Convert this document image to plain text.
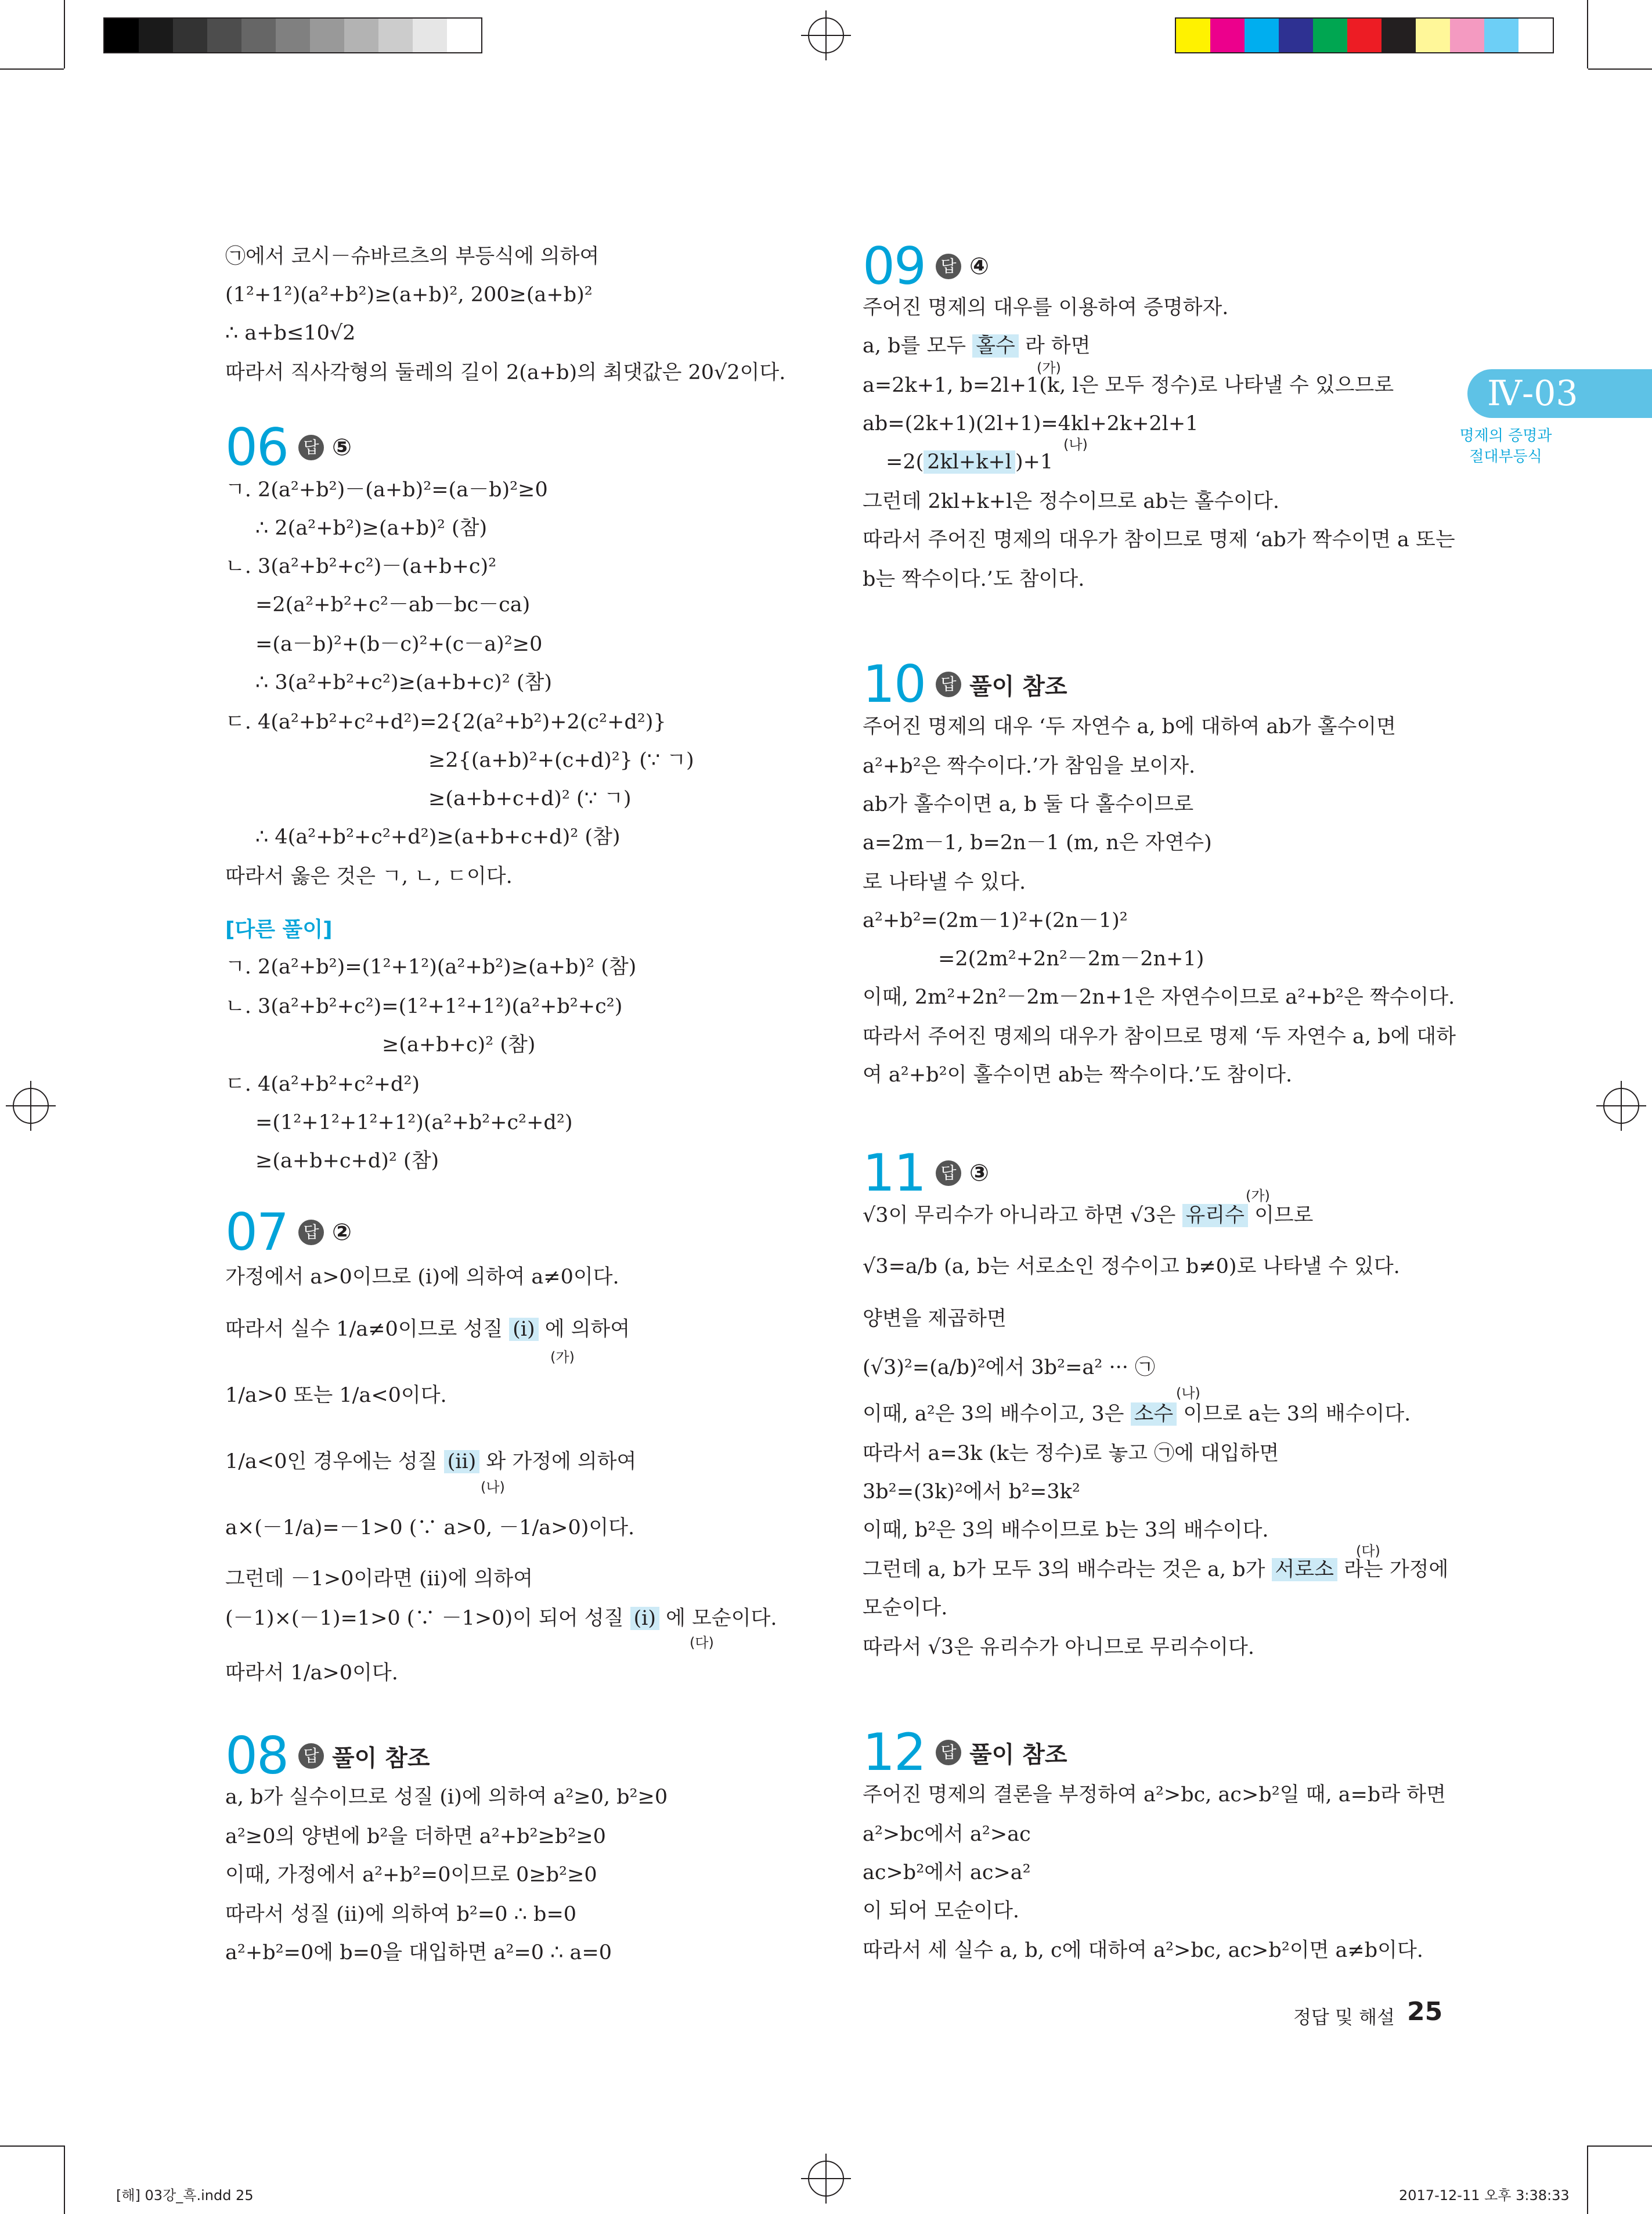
Ⅳ-03
명제의 증명과
절대부등식
㉠에서 코시－슈바르츠의 부등식에 의하여
(1²+1²)(a²+b²)≥(a+b)², 200≥(a+b)²
∴ a+b≤10√2
따라서 직사각형의 둘레의 길이 2(a+b)의 최댓값은 20√2이다.
06 답 ⑤
ㄱ. 2(a²+b²)－(a+b)²=(a－b)²≥0
∴ 2(a²+b²)≥(a+b)² (참)
ㄴ. 3(a²+b²+c²)－(a+b+c)²
=2(a²+b²+c²－ab－bc－ca)
=(a－b)²+(b－c)²+(c－a)²≥0
∴ 3(a²+b²+c²)≥(a+b+c)² (참)
ㄷ. 4(a²+b²+c²+d²)=2{2(a²+b²)+2(c²+d²)}
≥2{(a+b)²+(c+d)²} (∵ ㄱ)
≥(a+b+c+d)² (∵ ㄱ)
∴ 4(a²+b²+c²+d²)≥(a+b+c+d)² (참)
따라서 옳은 것은 ㄱ, ㄴ, ㄷ이다.
[다른 풀이]
ㄱ. 2(a²+b²)=(1²+1²)(a²+b²)≥(a+b)² (참)
ㄴ. 3(a²+b²+c²)=(1²+1²+1²)(a²+b²+c²)
≥(a+b+c)² (참)
ㄷ. 4(a²+b²+c²+d²)
=(1²+1²+1²+1²)(a²+b²+c²+d²)
≥(a+b+c+d)² (참)
07 답 ②
가정에서 a>0이므로 (i)에 의하여 a≠0이다.
따라서 실수 1/a≠0이므로 성질 (i) 에 의하여
(가)
1/a>0 또는 1/a<0이다.
1/a<0인 경우에는 성질 (ii) 와 가정에 의하여
(나)
a×(－1/a)=－1>0 (∵ a>0, －1/a>0)이다.
그런데 －1>0이라면 (ii)에 의하여
(－1)×(－1)=1>0 (∵ －1>0)이 되어 성질 (i) 에 모순이다.
(다)
따라서 1/a>0이다.
08 답 풀이 참조
a, b가 실수이므로 성질 (i)에 의하여 a²≥0, b²≥0
a²≥0의 양변에 b²을 더하면 a²+b²≥b²≥0
이때, 가정에서 a²+b²=0이므로 0≥b²≥0
따라서 성질 (ii)에 의하여 b²=0 ∴ b=0
a²+b²=0에 b=0을 대입하면 a²=0 ∴ a=0
09 답 ④
주어진 명제의 대우를 이용하여 증명하자.
a, b를 모두 홀수 라 하면
(가)
a=2k+1, b=2l+1(k, l은 모두 정수)로 나타낼 수 있으므로
ab=(2k+1)(2l+1)=4kl+2k+2l+1
(나)
=2( 2kl+k+l )+1
그런데 2kl+k+l은 정수이므로 ab는 홀수이다.
따라서 주어진 명제의 대우가 참이므로 명제 ‘ab가 짝수이면 a 또는
b는 짝수이다.’도 참이다.
10 답 풀이 참조
주어진 명제의 대우 ‘두 자연수 a, b에 대하여 ab가 홀수이면
a²+b²은 짝수이다.’가 참임을 보이자.
ab가 홀수이면 a, b 둘 다 홀수이므로
a=2m－1, b=2n－1 (m, n은 자연수)
로 나타낼 수 있다.
a²+b²=(2m－1)²+(2n－1)²
=2(2m²+2n²－2m－2n+1)
이때, 2m²+2n²－2m－2n+1은 자연수이므로 a²+b²은 짝수이다.
따라서 주어진 명제의 대우가 참이므로 명제 ‘두 자연수 a, b에 대하
여 a²+b²이 홀수이면 ab는 짝수이다.’도 참이다.
11 답 ③
(가)
√3이 무리수가 아니라고 하면 √3은 유리수 이므로
√3=a/b (a, b는 서로소인 정수이고 b≠0)로 나타낼 수 있다.
양변을 제곱하면
(√3)²=(a/b)²에서 3b²=a² ··· ㉠
(나)
이때, a²은 3의 배수이고, 3은 소수 이므로 a는 3의 배수이다.
따라서 a=3k (k는 정수)로 놓고 ㉠에 대입하면
3b²=(3k)²에서 b²=3k²
이때, b²은 3의 배수이므로 b는 3의 배수이다.
(다)
그런데 a, b가 모두 3의 배수라는 것은 a, b가 서로소 라는 가정에
모순이다.
따라서 √3은 유리수가 아니므로 무리수이다.
12 답 풀이 참조
주어진 명제의 결론을 부정하여 a²>bc, ac>b²일 때, a=b라 하면
a²>bc에서 a²>ac
ac>b²에서 ac>a²
이 되어 모순이다.
따라서 세 실수 a, b, c에 대하여 a²>bc, ac>b²이면 a≠b이다.
정답 및 해설 25
[해] 03강_흑.indd 25	2017-12-11 오후 3:38:33
